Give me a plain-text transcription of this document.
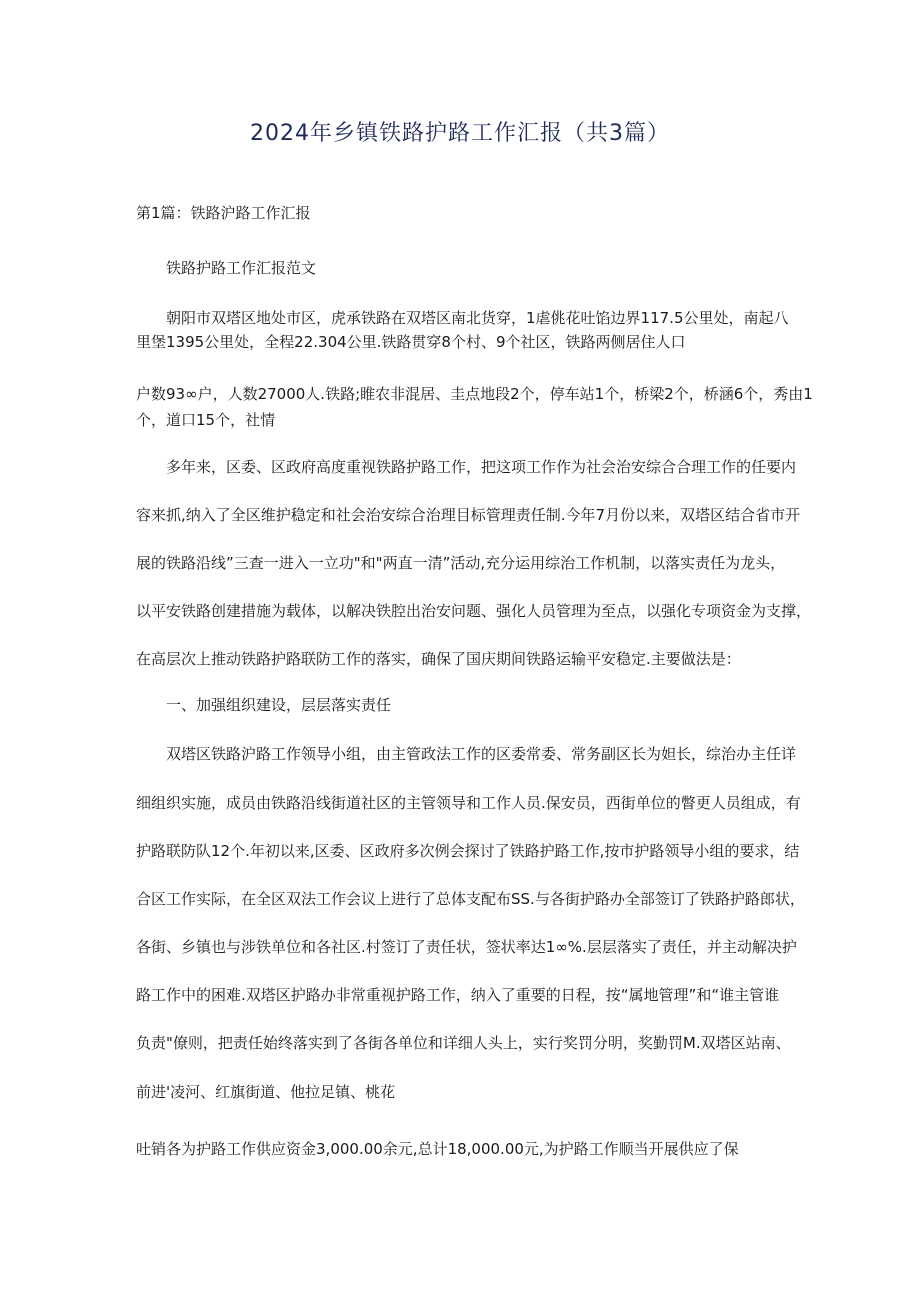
2024年乡镇铁路护路工作汇报（共3篇）

第1篇：铁路沪路工作汇报

铁路护路工作汇报范文

朝阳市双塔区地处市区，虎承铁路在双塔区南北货穿，1虐佻花吐馅边界117.5公里处，南起八

里堡1395公里处，全程22.304公里.铁路贯穿8个村、9个社区，铁路两侧居住人口

户数93∞户，人数27000人.铁路;睢农非混居、圭点地段2个，停车站1个，桥梁2个，桥涵6个，秀由1

个，道口15个，社情

多年来，区委、区政府高度重视铁路护路工作，把这项工作作为社会治安综合合理工作的任要内

容来抓,纳入了全区维护稳定和社会治安综合治理目标管理责任制.今年7月份以来，双塔区结合省市开

展的铁路沿线”三查一进入一立功"和"两直一清”活动,充分运用综治工作机制，以落实责任为龙头，

以平安铁路创建措施为载体，以解决铁腔出治安问题、强化人员管理为至点，以强化专项资金为支撑，

在高层次上推动铁路护路联防工作的落实，确保了国庆期间铁路运输平安稳定.主要做法是：

一、加强组织建设，层层落实责任

双塔区铁路沪路工作领导小组，由主管政法工作的区委常委、常务副区长为妲长，综治办主任详

细组织实施，成员由铁路沿线街道社区的主管领导和工作人员.保安员，西街单位的瞥更人员组成，有

护路联防队12个.年初以来,区委、区政府多次例会探讨了铁路护路工作,按市护路领导小组的要求，结

合区工作实际，在全区双法工作会议上进行了总体支配布SS.与各街护路办全部签订了铁路护路郎状，

各街、乡镇也与涉铁单位和各社区.村签订了责任状，签状率达1∞%.层层落实了责任，并主动解决护

路工作中的困难.双塔区护路办非常重视护路工作，纳入了重要的日程，按“属地管理”和“谁主管谁

负责"僚则，把责任始终落实到了各街各单位和详细人头上，实行奖罚分明，奖勤罚M.双塔区站南、

前进'凌河、红旗街道、他拉足镇、桃花

吐销各为护路工作供应资金3,000.00余元,总计18,000.00元,为护路工作顺当开展供应了保
